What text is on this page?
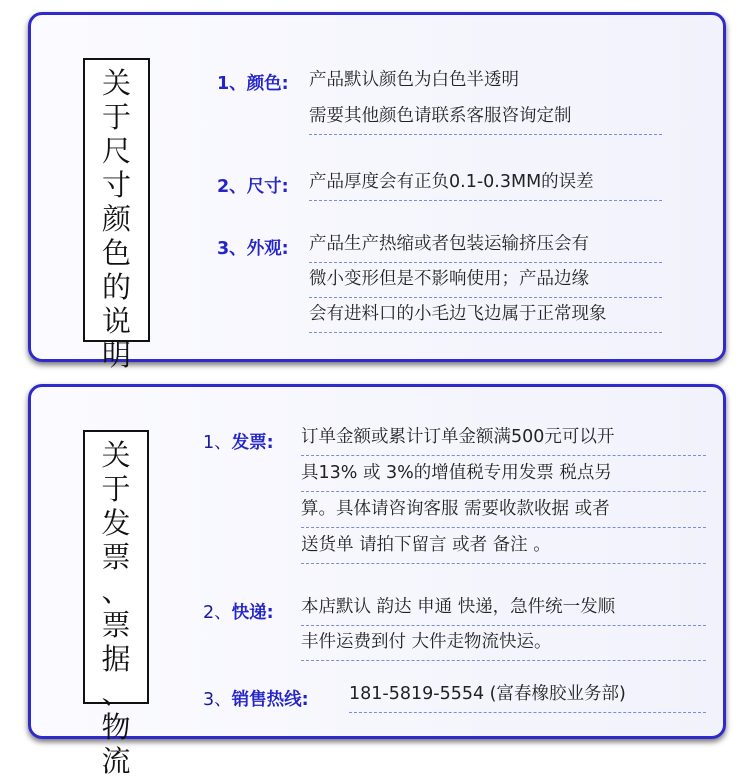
关
于
尺
寸
颜
色
的
说
明
1、颜色: 产品默认颜色为白色半透明
需要其他颜色请联系客服咨询定制
2、尺寸: 产品厚度会有正负0.1-0.3MM的误差
3、外观: 产品生产热缩或者包装运输挤压会有
微小变形但是不影响使用；产品边缘
会有进料口的小毛边飞边属于正常现象
关
于
发
票
、
票
据
、
物
流
1、发票: 订单金额或累计订单金额满500元可以开
具13% 或 3%的增值税专用发票 税点另
算。具体请咨询客服 需要收款收据 或者
送货单 请拍下留言 或者 备注 。
2、快递: 本店默认 韵达 申通 快递，急件统一发顺
丰件运费到付 大件走物流快运。
3、销售热线: 181-5819-5554 (富春橡胶业务部)
